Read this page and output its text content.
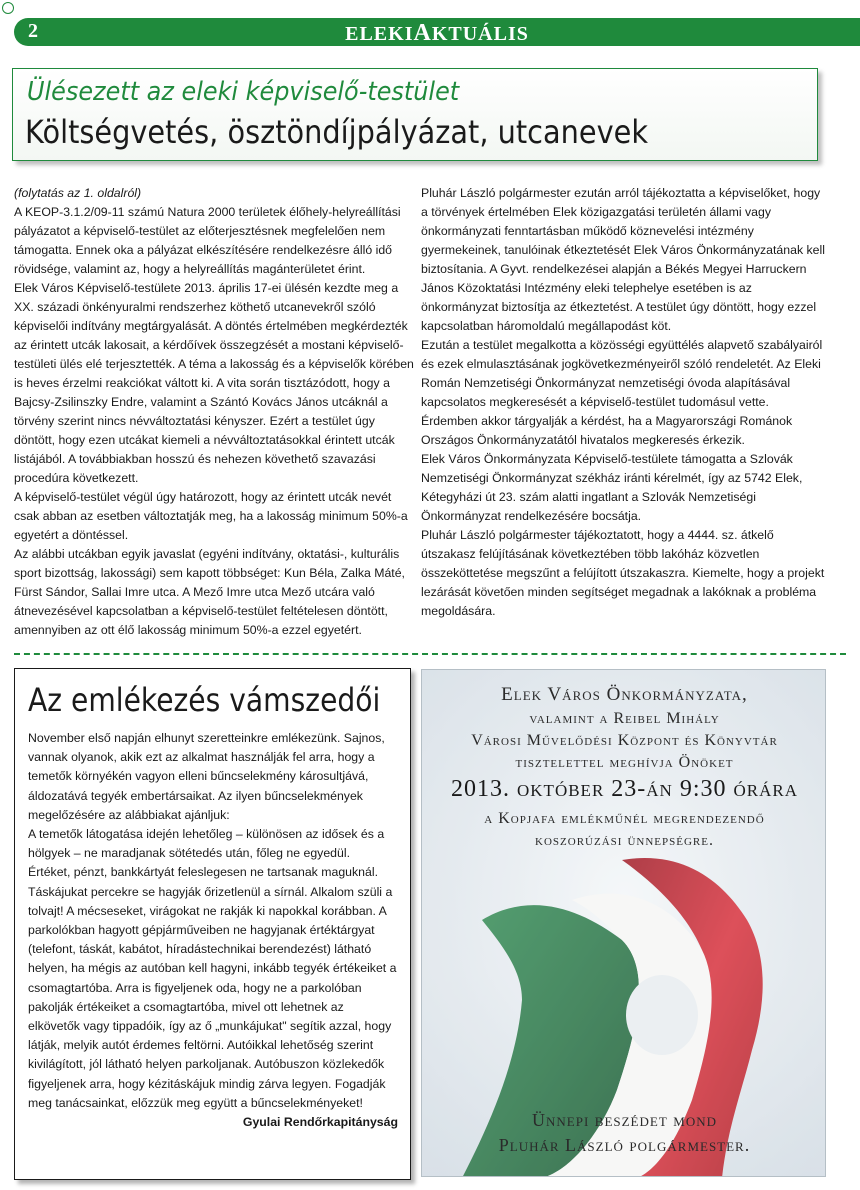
2	ELEKIAKTUÁLIS
Ülésezett az eleki képviselő-testület
Költségvetés, ösztöndíjpályázat, utcanevek

(folytatás az 1. oldalról)

A KEOP-3.1.2/09-11 számú Natura 2000 területek élőhely-helyreállítási pályázatot a képviselő-testület az előterjesztésnek megfelelően nem támogatta. Ennek oka a pályázat elkészítésére rendelkezésre álló idő rövidsége, valamint az, hogy a helyreállítás magánterületet érint.

Elek Város Képviselő-testülete 2013. április 17-ei ülésén kezdte meg a XX. századi önkényuralmi rendszerhez köthető utcanevekről szóló képviselői indítvány megtárgyalását. A döntés értelmében megkérdezték az érintett utcák lakosait, a kérdőívek összegzését a mostani képviselő-testületi ülés elé terjesztették. A téma a lakosság és a képviselők körében is heves érzelmi reakciókat váltott ki. A vita során tisztázódott, hogy a Bajcsy-Zsilinszky Endre, valamint a Szántó Kovács János utcáknál a törvény szerint nincs névváltoztatási kényszer. Ezért a testület úgy döntött, hogy ezen utcákat kiemeli a névváltoztatásokkal érintett utcák listájából. A továbbiakban hosszú és nehezen követhető szavazási procedúra következett.

A képviselő-testület végül úgy határozott, hogy az érintett utcák nevét csak abban az esetben változtatják meg, ha a lakosság minimum 50%-a egyetért a döntéssel.

Az alábbi utcákban egyik javaslat (egyéni indítvány, oktatási-, kulturális sport bizottság, lakossági) sem kapott többséget: Kun Béla, Zalka Máté, Fürst Sándor, Sallai Imre utca. A Mező Imre utca Mező utcára való átnevezésével kapcsolatban a képviselő-testület feltételesen döntött, amennyiben az ott élő lakosság minimum 50%-a ezzel egyetért.

Pluhár László polgármester ezután arról tájékoztatta a képviselőket, hogy a törvények értelmében Elek közigazgatási területén állami vagy önkormányzati fenntartásban működő köznevelési intézmény gyermekeinek, tanulóinak étkeztetését Elek Város Önkormányzatának kell biztosítania. A Gyvt. rendelkezései alapján a Békés Megyei Harruckern János Közoktatási Intézmény eleki telephelye esetében is az önkormányzat biztosítja az étkeztetést. A testület úgy döntött, hogy ezzel kapcsolatban háromoldalú megállapodást köt.

Ezután a testület megalkotta a közösségi együttélés alapvető szabályairól és ezek elmulasztásának jogkövetkezményeiről szóló rendeletét. Az Eleki Román Nemzetiségi Önkormányzat nemzetiségi óvoda alapításával kapcsolatos megkeresését a képviselő-testület tudomásul vette. Érdemben akkor tárgyalják a kérdést, ha a Magyarországi Románok Országos Önkormányzatától hivatalos megkeresés érkezik.

Elek Város Önkormányzata Képviselő-testülete támogatta a Szlovák Nemzetiségi Önkormányzat székház iránti kérelmét, így az 5742 Elek, Kétegyházi út 23. szám alatti ingatlant a Szlovák Nemzetiségi Önkormányzat rendelkezésére bocsátja.

Pluhár László polgármester tájékoztatott, hogy a 4444. sz. átkelő útszakasz felújításának következtében több lakóház közvetlen összeköttetése megszűnt a felújított útszakaszra. Kiemelte, hogy a projekt lezárását követően minden segítséget megadnak a lakóknak a probléma megoldására.

Az emlékezés vámszedői

November első napján elhunyt szeretteinkre emlékezünk. Sajnos, vannak olyanok, akik ezt az alkalmat használják fel arra, hogy a temetők környékén vagyon elleni bűncselekmény károsultjává, áldozatává tegyék embertársaikat. Az ilyen bűncselekmények megelőzésére az alábbiakat ajánljuk:

A temetők látogatása idején lehetőleg – különösen az idősek és a hölgyek – ne maradjanak sötétedés után, főleg ne egyedül.

Értéket, pénzt, bankkártyát feleslegesen ne tartsanak maguknál. Táskájukat percekre se hagyják őrizetlenül a sírnál. Alkalom szüli a tolvajt! A mécseseket, virágokat ne rakják ki napokkal korábban. A parkolókban hagyott gépjárműveiben ne hagyjanak értéktárgyat (telefont, táskát, kabátot, híradástechnikai berendezést) látható helyen, ha mégis az autóban kell hagyni, inkább tegyék értékeiket a csomagtartóba. Arra is figyeljenek oda, hogy ne a parkolóban pakolják értékeiket a csomagtartóba, mivel ott lehetnek az elkövetők vagy tippadóik, így az ő „munkájukat" segítik azzal, hogy látják, melyik autót érdemes feltörni. Autóikkal lehetőség szerint kivilágított, jól látható helyen parkoljanak. Autóbuszon közlekedők figyeljenek arra, hogy kézitáskájuk mindig zárva legyen. Fogadják meg tanácsainkat, előzzük meg együtt a bűncselekményeket!

Gyulai Rendőrkapitányság
Elek Város Önkormányzata,
valamint a Reibel Mihály
Városi Művelődési Központ és Könyvtár
tisztelettel meghívja Önöket
2013. október 23-án 9:30 órára
a Kopjafa emlékműnél megrendezendő
koszorúzási ünnepségre.
Ünnepi beszédet mond
Pluhár László polgármester.
